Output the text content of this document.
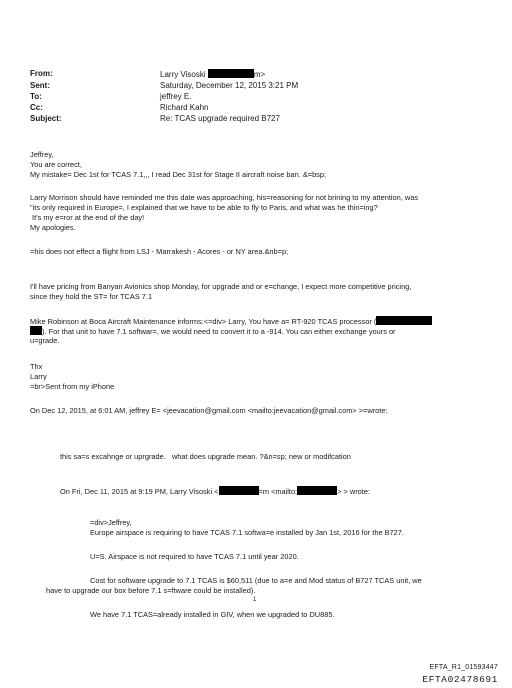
From:	Larry Visoski	m>
Sent:	Saturday, December 12, 2015 3:21 PM
To:	jeffrey E.
Cc:	Richard Kahn
Subject:	Re: TCAS upgrade required B727
Jeffrey,
You are correct,
My mistake= Dec 1st for TCAS 7.1,,, I read Dec 31st for Stage II aircraft noise ban. &=bsp;
Larry Morrison should have reminded me this date was approaching, his=reasoning for not brining to my attention, was
"its only required in Europe=, I explained that we have to be able to fly to Paris, and what was he thin=ing?
It's my e=ror at the end of the day!
My apologies.
=his does not effect a flight from LSJ - Marrakesh - Acores - or NY area.&nb=p;
I'll have pricing from Banyan Avionics shop Monday, for upgrade and or e=change, I expect more competitive pricing,
since they hold the ST= for TCAS 7.1
Mike Robinson at Boca Aircraft Maintenance informs:<=div> Larry, You have a= RT-920 TCAS processor (
). For that unit to have 7.1 softwar=, we would need to convert it to a -914. You can either exchange yours or
u=grade.
Thx
Larry
=br>Sent from my iPhone
On Dec 12, 2015, at 6:01 AM, jeffrey E= <jeevacation@gmail.com <mailto:jeevacation@gmail.com> >=wrote:
this sa=s excahnge or uprgrade.   what does upgrade mean. ?&n=sp; new or modifcation
On Fri, Dec 11, 2015 at 9:19 PM, Larry Visoski <	=m <mailto:	> > wrote:
=div>Jeffrey,
Europe airspace is requiring to have TCAS 7.1 softwa=e installed by Jan 1st, 2016 for the B727.
U=S. Airspace is not required to have TCAS 7.1 until year 2020.
Cost for software upgrade to 7.1 TCAS is $60,511 (due to a=e and Mod status of B727 TCAS unit, we
have to upgrade our box before 7.1 s=ftware could be installed).
We have 7.1 TCAS=already installed in GIV, when we upgraded to DU885.
1
EFTA_R1_01593447
EFTA02478691
